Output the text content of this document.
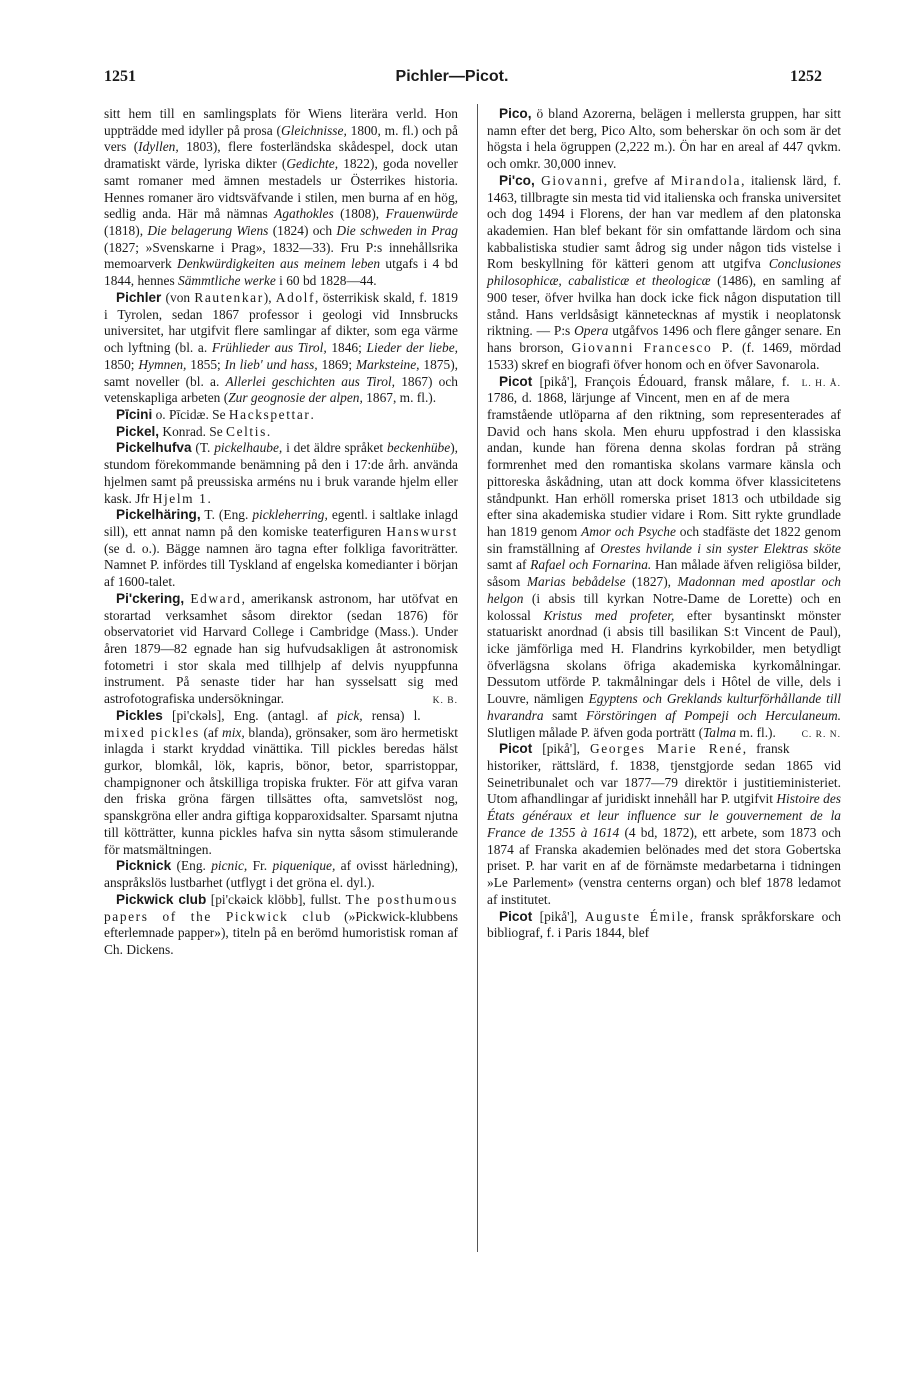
1251	Pichler—Picot.	1252

sitt hem till en samlingsplats för Wiens literära verld. Hon uppträdde med idyller på prosa (Gleichnisse, 1800, m. fl.) och på vers (Idyllen, 1803), flere fosterländska skådespel, dock utan dramatiskt värde, lyriska dikter (Gedichte, 1822), goda noveller samt romaner med ämnen mestadels ur Österrikes historia. Hennes romaner äro vidtsväfvande i stilen, men burna af en hög, sedlig anda. Här må nämnas Agathokles (1808), Frauenwürde (1818), Die belagerung Wiens (1824) och Die schweden in Prag (1827; »Svenskarne i Prag», 1832—33). Fru P:s innehållsrika memoarverk Denkwürdigkeiten aus meinem leben utgafs i 4 bd 1844, hennes Sämmtliche werke i 60 bd 1828—44.

Pichler (von Rautenkar), Adolf, österrikisk skald, f. 1819 i Tyrolen, sedan 1867 professor i geologi vid Innsbrucks universitet, har utgifvit flere samlingar af dikter, som ega värme och lyftning (bl. a. Frühlieder aus Tirol, 1846; Lieder der liebe, 1850; Hymnen, 1855; In lieb' und hass, 1869; Marksteine, 1875), samt noveller (bl. a. Allerlei geschichten aus Tirol, 1867) och vetenskapliga arbeten (Zur geognosie der alpen, 1867, m. fl.).

Pīcini o. Pīcidæ. Se Hackspettar.

Pickel, Konrad. Se Celtis.

Pickelhufva (T. pickelhaube, i det äldre språket beckenhübe), stundom förekommande benämning på den i 17:de årh. använda hjelmen samt på preussiska arméns nu i bruk varande hjelm eller kask. Jfr Hjelm 1.

Pickelhäring, T. (Eng. pickleherring, egentl. i saltlake inlagd sill), ett annat namn på den komiske teaterfiguren Hanswurst (se d. o.). Bägge namnen äro tagna efter folkliga favoriträtter. Namnet P. infördes till Tyskland af engelska komedianter i början af 1600-talet.

Pi'ckering, Edward, amerikansk astronom, har utöfvat en storartad verksamhet såsom direktor (sedan 1876) för observatoriet vid Harvard College i Cambridge (Mass.). Under åren 1879—82 egnade han sig hufvudsakligen åt astronomisk fotometri i stor skala med tillhjelp af delvis nyuppfunna instrument. På senaste tider har han sysselsatt sig med astrofotografiska undersökningar.	K. B.

Pickles [pi'ckəls], Eng. (antagl. af pick, rensa) l. mixed pickles (af mix, blanda), grönsaker, som äro hermetiskt inlagda i starkt kryddad vinättika. Till pickles beredas hälst gurkor, blomkål, lök, kapris, bönor, betor, sparristoppar, champignoner och åtskilliga tropiska frukter. För att gifva varan den friska gröna färgen tillsättes ofta, samvetslöst nog, spanskgröna eller andra giftiga kopparoxidsalter. Sparsamt njutna till kötträtter, kunna pickles hafva sin nytta såsom stimulerande för matsmältningen.

Picknick (Eng. picnic, Fr. piquenique, af ovisst härledning), anspråkslös lustbarhet (utflygt i det gröna el. dyl.).

Pickwick club [pi'ckəick klöbb], fullst. The posthumous papers of the Pickwick club (»Pickwick-klubbens efterlemnade papper»), titeln på en berömd humoristisk roman af Ch. Dickens.

Pico, ö bland Azorerna, belägen i mellersta gruppen, har sitt namn efter det berg, Pico Alto, som beherskar ön och som är det högsta i hela ögruppen (2,222 m.). Ön har en areal af 447 qvkm. och omkr. 30,000 innev.

Pi'co, Giovanni, grefve af Mirandola, italiensk lärd, f. 1463, tillbragte sin mesta tid vid italienska och franska universitet och dog 1494 i Florens, der han var medlem af den platonska akademien. Han blef bekant för sin omfattande lärdom och sina kabbalistiska studier samt ådrog sig under någon tids vistelse i Rom beskyllning för kätteri genom att utgifva Conclusiones philosophicæ, cabalisticæ et theologicæ (1486), en samling af 900 teser, öfver hvilka han dock icke fick någon disputation till stånd. Hans verldsåsigt kännetecknas af mystik i neoplatonsk riktning. — P:s Opera utgåfvos 1496 och flere gånger senare. En hans brorson, Giovanni Francesco P. (f. 1469, mördad 1533) skref en biografi öfver honom och en öfver Savonarola.
L. H. Å.

Picot [pikå'], François Édouard, fransk målare, f. 1786, d. 1868, lärjunge af Vincent, men en af de mera framstående utlöparna af den riktning, som representerades af David och hans skola. Men ehuru uppfostrad i den klassiska andan, kunde han förena denna skolas fordran på sträng formrenhet med den romantiska skolans varmare känsla och pittoreska åskådning, utan att dock komma öfver klassicitetens ståndpunkt. Han erhöll romerska priset 1813 och utbildade sig efter sina akademiska studier vidare i Rom. Sitt rykte grundlade han 1819 genom Amor och Psyche och stadfäste det 1822 genom sin framställning af Orestes hvilande i sin syster Elektras sköte samt af Rafael och Fornarina. Han målade äfven religiösa bilder, såsom Marias bebådelse (1827), Madonnan med apostlar och helgon (i absis till kyrkan Notre-Dame de Lorette) och en kolossal Kristus med profeter, efter bysantinskt mönster statuariskt anordnad (i absis till basilikan S:t Vincent de Paul), icke jämförliga med H. Flandrins kyrkobilder, men betydligt öfverlägsna skolans öfriga akademiska kyrkomålningar. Dessutom utförde P. takmålningar dels i Hôtel de ville, dels i Louvre, nämligen Egyptens och Greklands kulturförhållande till hvarandra samt Förstöringen af Pompeji och Herculaneum. Slutligen målade P. äfven goda porträtt (Talma m. fl.).	C. R. N.

Picot [pikå'], Georges Marie René, fransk historiker, rättslärd, f. 1838, tjenstgjorde sedan 1865 vid Seinetribunalet och var 1877—79 direktör i justitieministeriet. Utom afhandlingar af juridiskt innehåll har P. utgifvit Histoire des États généraux et leur influence sur le gouvernement de la France de 1355 à 1614 (4 bd, 1872), ett arbete, som 1873 och 1874 af Franska akademien belönades med det stora Gobertska priset. P. har varit en af de förnämste medarbetarna i tidningen »Le Parlement» (venstra centerns organ) och blef 1878 ledamot af institutet.

Picot [pikå'], Auguste Émile, fransk språkforskare och bibliograf, f. i Paris 1844, blef
